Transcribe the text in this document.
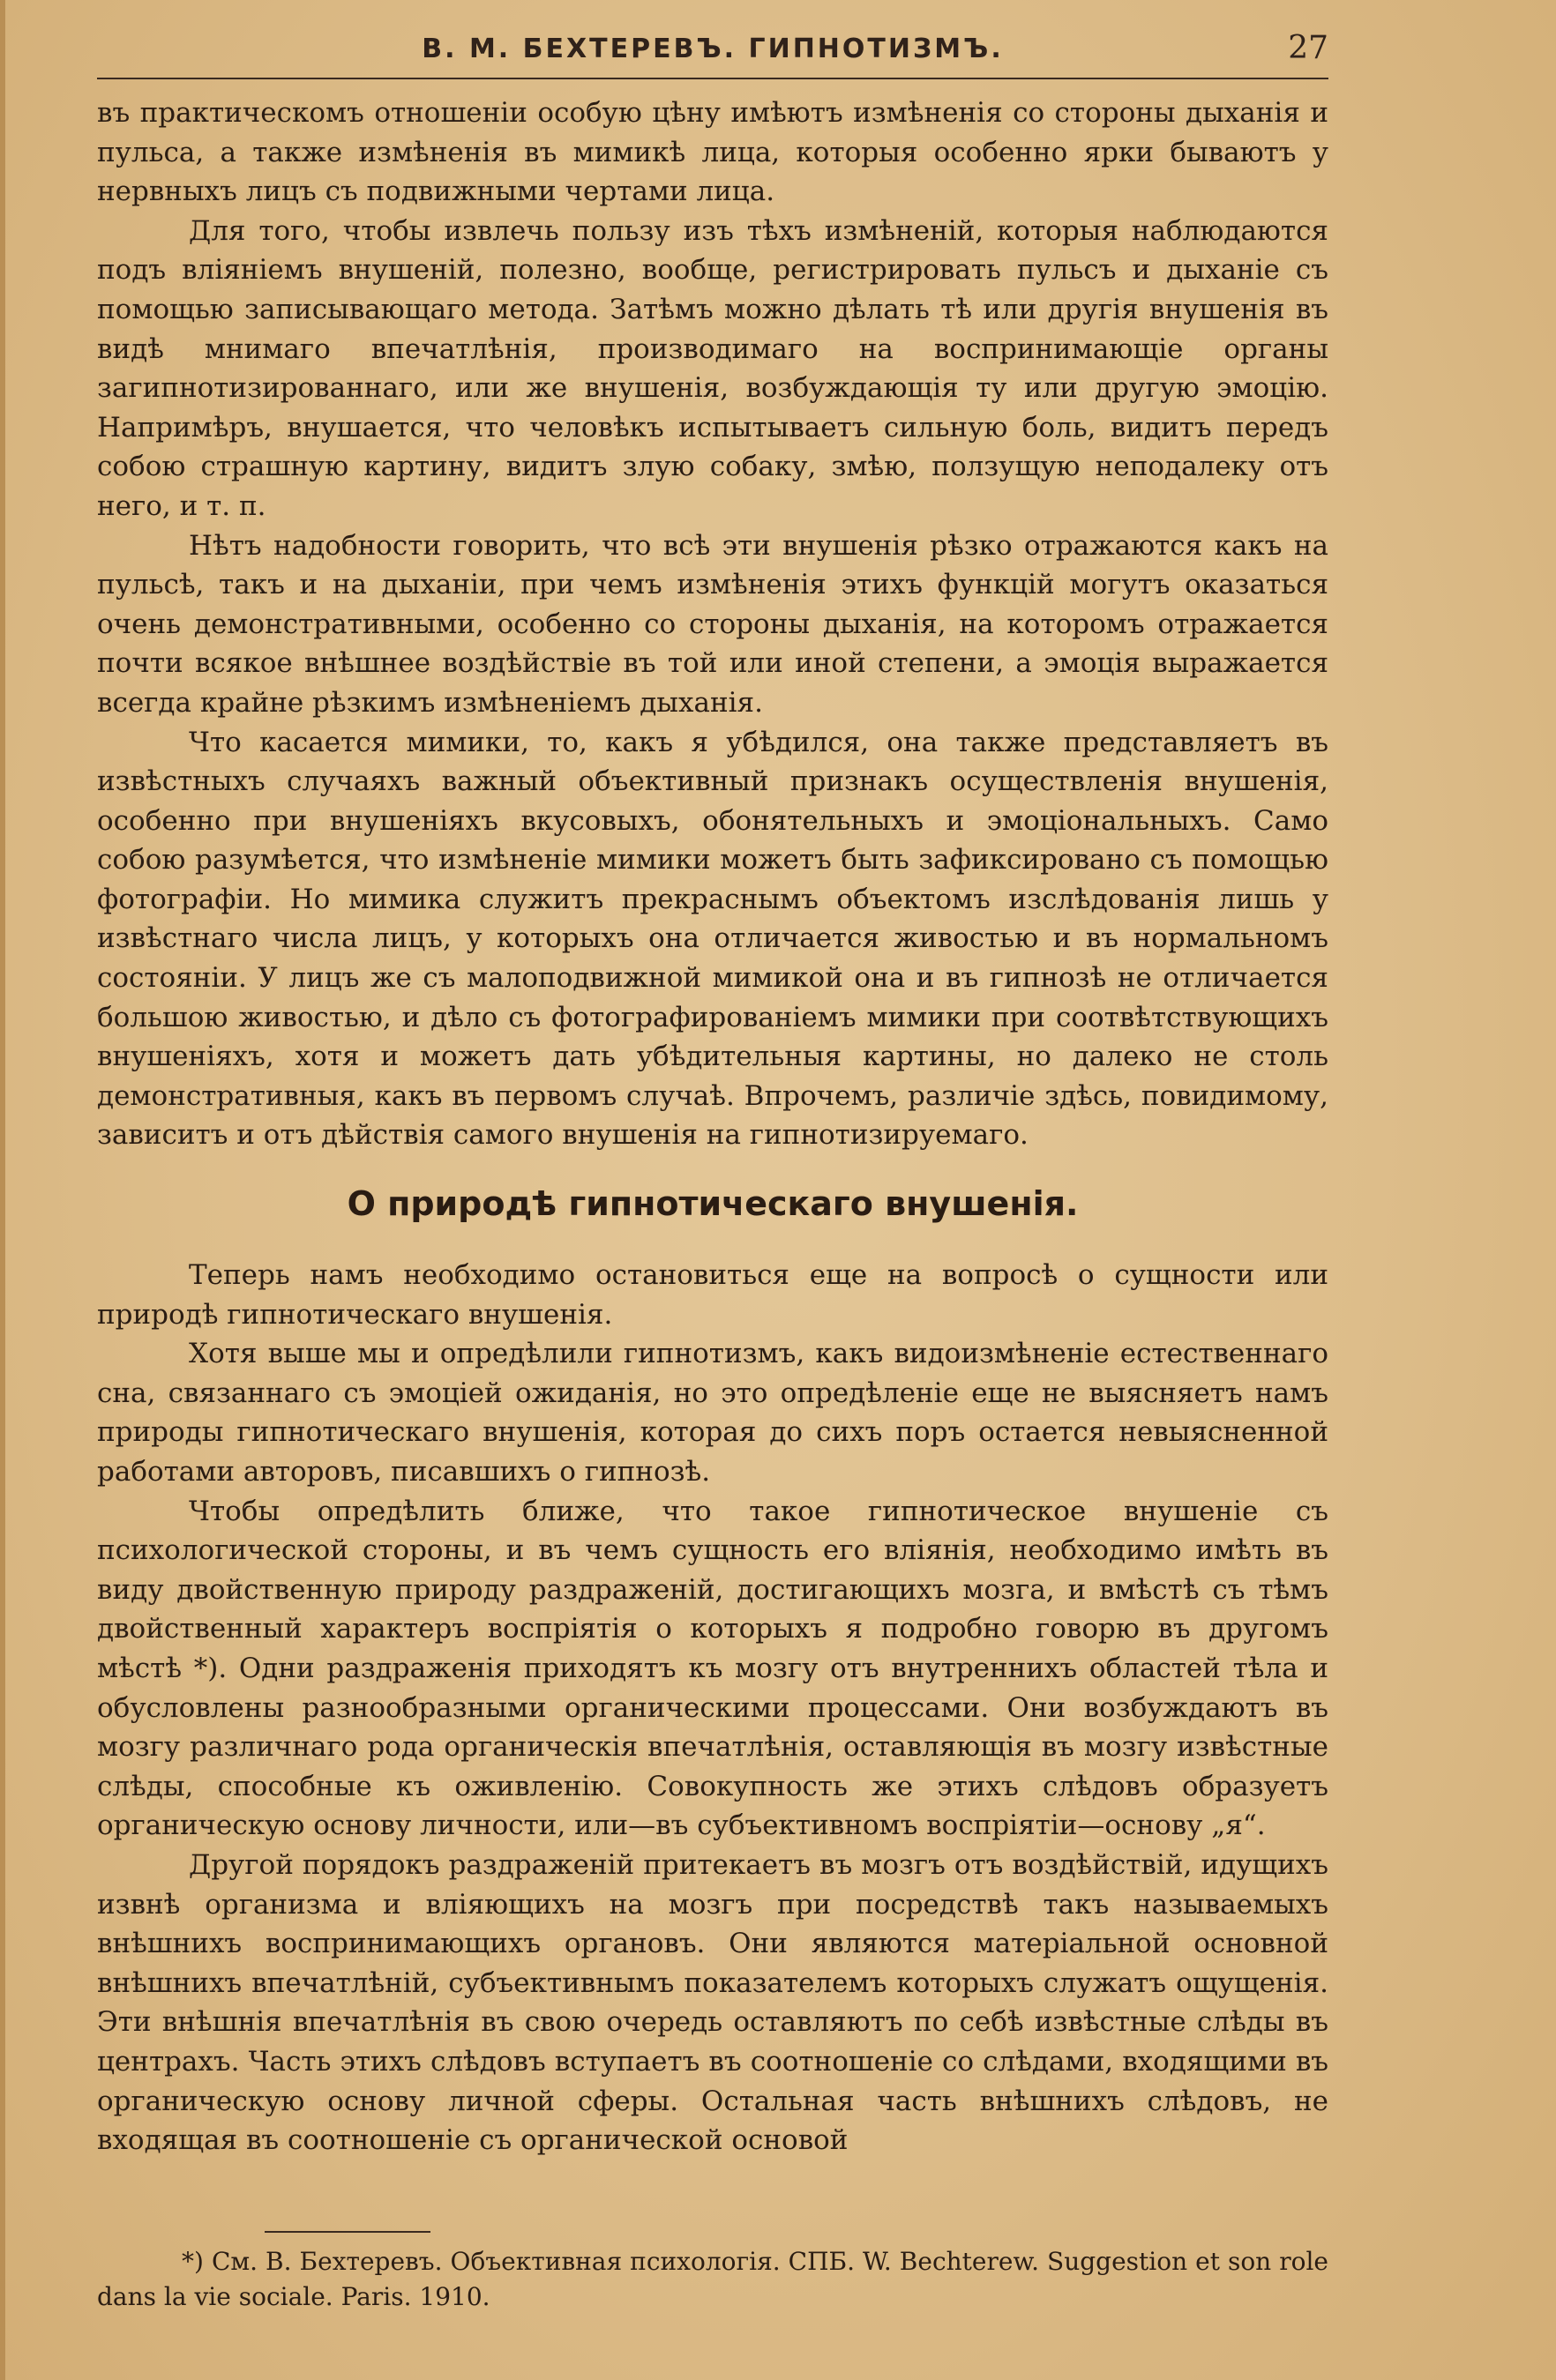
В. М. БЕХТЕРЕВЪ. ГИПНОТИЗМЪ.	27

въ практическомъ отношеніи особую цѣну имѣютъ измѣненія со стороны дыханія и пульса, а также измѣненія въ мимикѣ лица, которыя особенно ярки бываютъ у нервныхъ лицъ съ подвижными чертами лица.

Для того, чтобы извлечь пользу изъ тѣхъ измѣненій, которыя наблюдаются подъ вліяніемъ внушеній, полезно, вообще, регистрировать пульсъ и дыханіе съ помощью записывающаго метода. Затѣмъ можно дѣлать тѣ или другія внушенія въ видѣ мнимаго впечатлѣнія, производимаго на воспринимающіе органы загипнотизированнаго, или же внушенія, возбуждающія ту или другую эмоцію. Напримѣръ, внушается, что человѣкъ испытываетъ сильную боль, видитъ передъ собою страшную картину, видитъ злую собаку, змѣю, ползущую неподалеку отъ него, и т. п.

Нѣтъ надобности говорить, что всѣ эти внушенія рѣзко отражаются какъ на пульсѣ, такъ и на дыханіи, при чемъ измѣненія этихъ функцій могутъ оказаться очень демонстративными, особенно со стороны дыханія, на которомъ отражается почти всякое внѣшнее воздѣйствіе въ той или иной степени, а эмоція выражается всегда крайне рѣзкимъ измѣненіемъ дыханія.

Что касается мимики, то, какъ я убѣдился, она также представляетъ въ извѣстныхъ случаяхъ важный объективный признакъ осуществленія внушенія, особенно при внушеніяхъ вкусовыхъ, обонятельныхъ и эмоціональныхъ. Само собою разумѣется, что измѣненіе мимики можетъ быть зафиксировано съ помощью фотографіи. Но мимика служитъ прекраснымъ объектомъ изслѣдованія лишь у извѣстнаго числа лицъ, у которыхъ она отличается живостью и въ нормальномъ состояніи. У лицъ же съ малоподвижной мимикой она и въ гипнозѣ не отличается большою живостью, и дѣло съ фотографированіемъ мимики при соотвѣтствующихъ внушеніяхъ, хотя и можетъ дать убѣдительныя картины, но далеко не столь демонстративныя, какъ въ первомъ случаѣ. Впрочемъ, различіе здѣсь, повидимому, зависитъ и отъ дѣйствія самого внушенія на гипнотизируемаго.

О природѣ гипнотическаго внушенія.

Теперь намъ необходимо остановиться еще на вопросѣ о сущности или природѣ гипнотическаго внушенія.

Хотя выше мы и опредѣлили гипнотизмъ, какъ видоизмѣненіе естественнаго сна, связаннаго съ эмоціей ожиданія, но это опредѣленіе еще не выясняетъ намъ природы гипнотическаго внушенія, которая до сихъ поръ остается невыясненной работами авторовъ, писавшихъ о гипнозѣ.

Чтобы опредѣлить ближе, что такое гипнотическое внушеніе съ психологической стороны, и въ чемъ сущность его вліянія, необходимо имѣть въ виду двойственную природу раздраженій, достигающихъ мозга, и вмѣстѣ съ тѣмъ двойственный характеръ воспріятія о которыхъ я подробно говорю въ другомъ мѣстѣ *). Одни раздраженія приходятъ къ мозгу отъ внутреннихъ областей тѣла и обусловлены разнообразными органическими процессами. Они возбуждаютъ въ мозгу различнаго рода органическія впечатлѣнія, оставляющія въ мозгу извѣстные слѣды, способные къ оживленію. Совокупность же этихъ слѣдовъ образуетъ органическую основу личности, или—въ субъективномъ воспріятіи—основу „я“.

Другой порядокъ раздраженій притекаетъ въ мозгъ отъ воздѣйствій, идущихъ извнѣ организма и вліяющихъ на мозгъ при посредствѣ такъ называемыхъ внѣшнихъ воспринимающихъ органовъ. Они являются матеріальной основной внѣшнихъ впечатлѣній, субъективнымъ показателемъ которыхъ служатъ ощущенія. Эти внѣшнія впечатлѣнія въ свою очередь оставляютъ по себѣ извѣстные слѣды въ центрахъ. Часть этихъ слѣдовъ вступаетъ въ соотношеніе со слѣдами, входящими въ органическую основу личной сферы. Остальная часть внѣшнихъ слѣдовъ, не входящая въ соотношеніе съ органической основой

*) См. В. Бехтеревъ. Объективная психологія. СПБ. W. Bechterew. Suggestion et son role dans la vie sociale. Paris. 1910.
